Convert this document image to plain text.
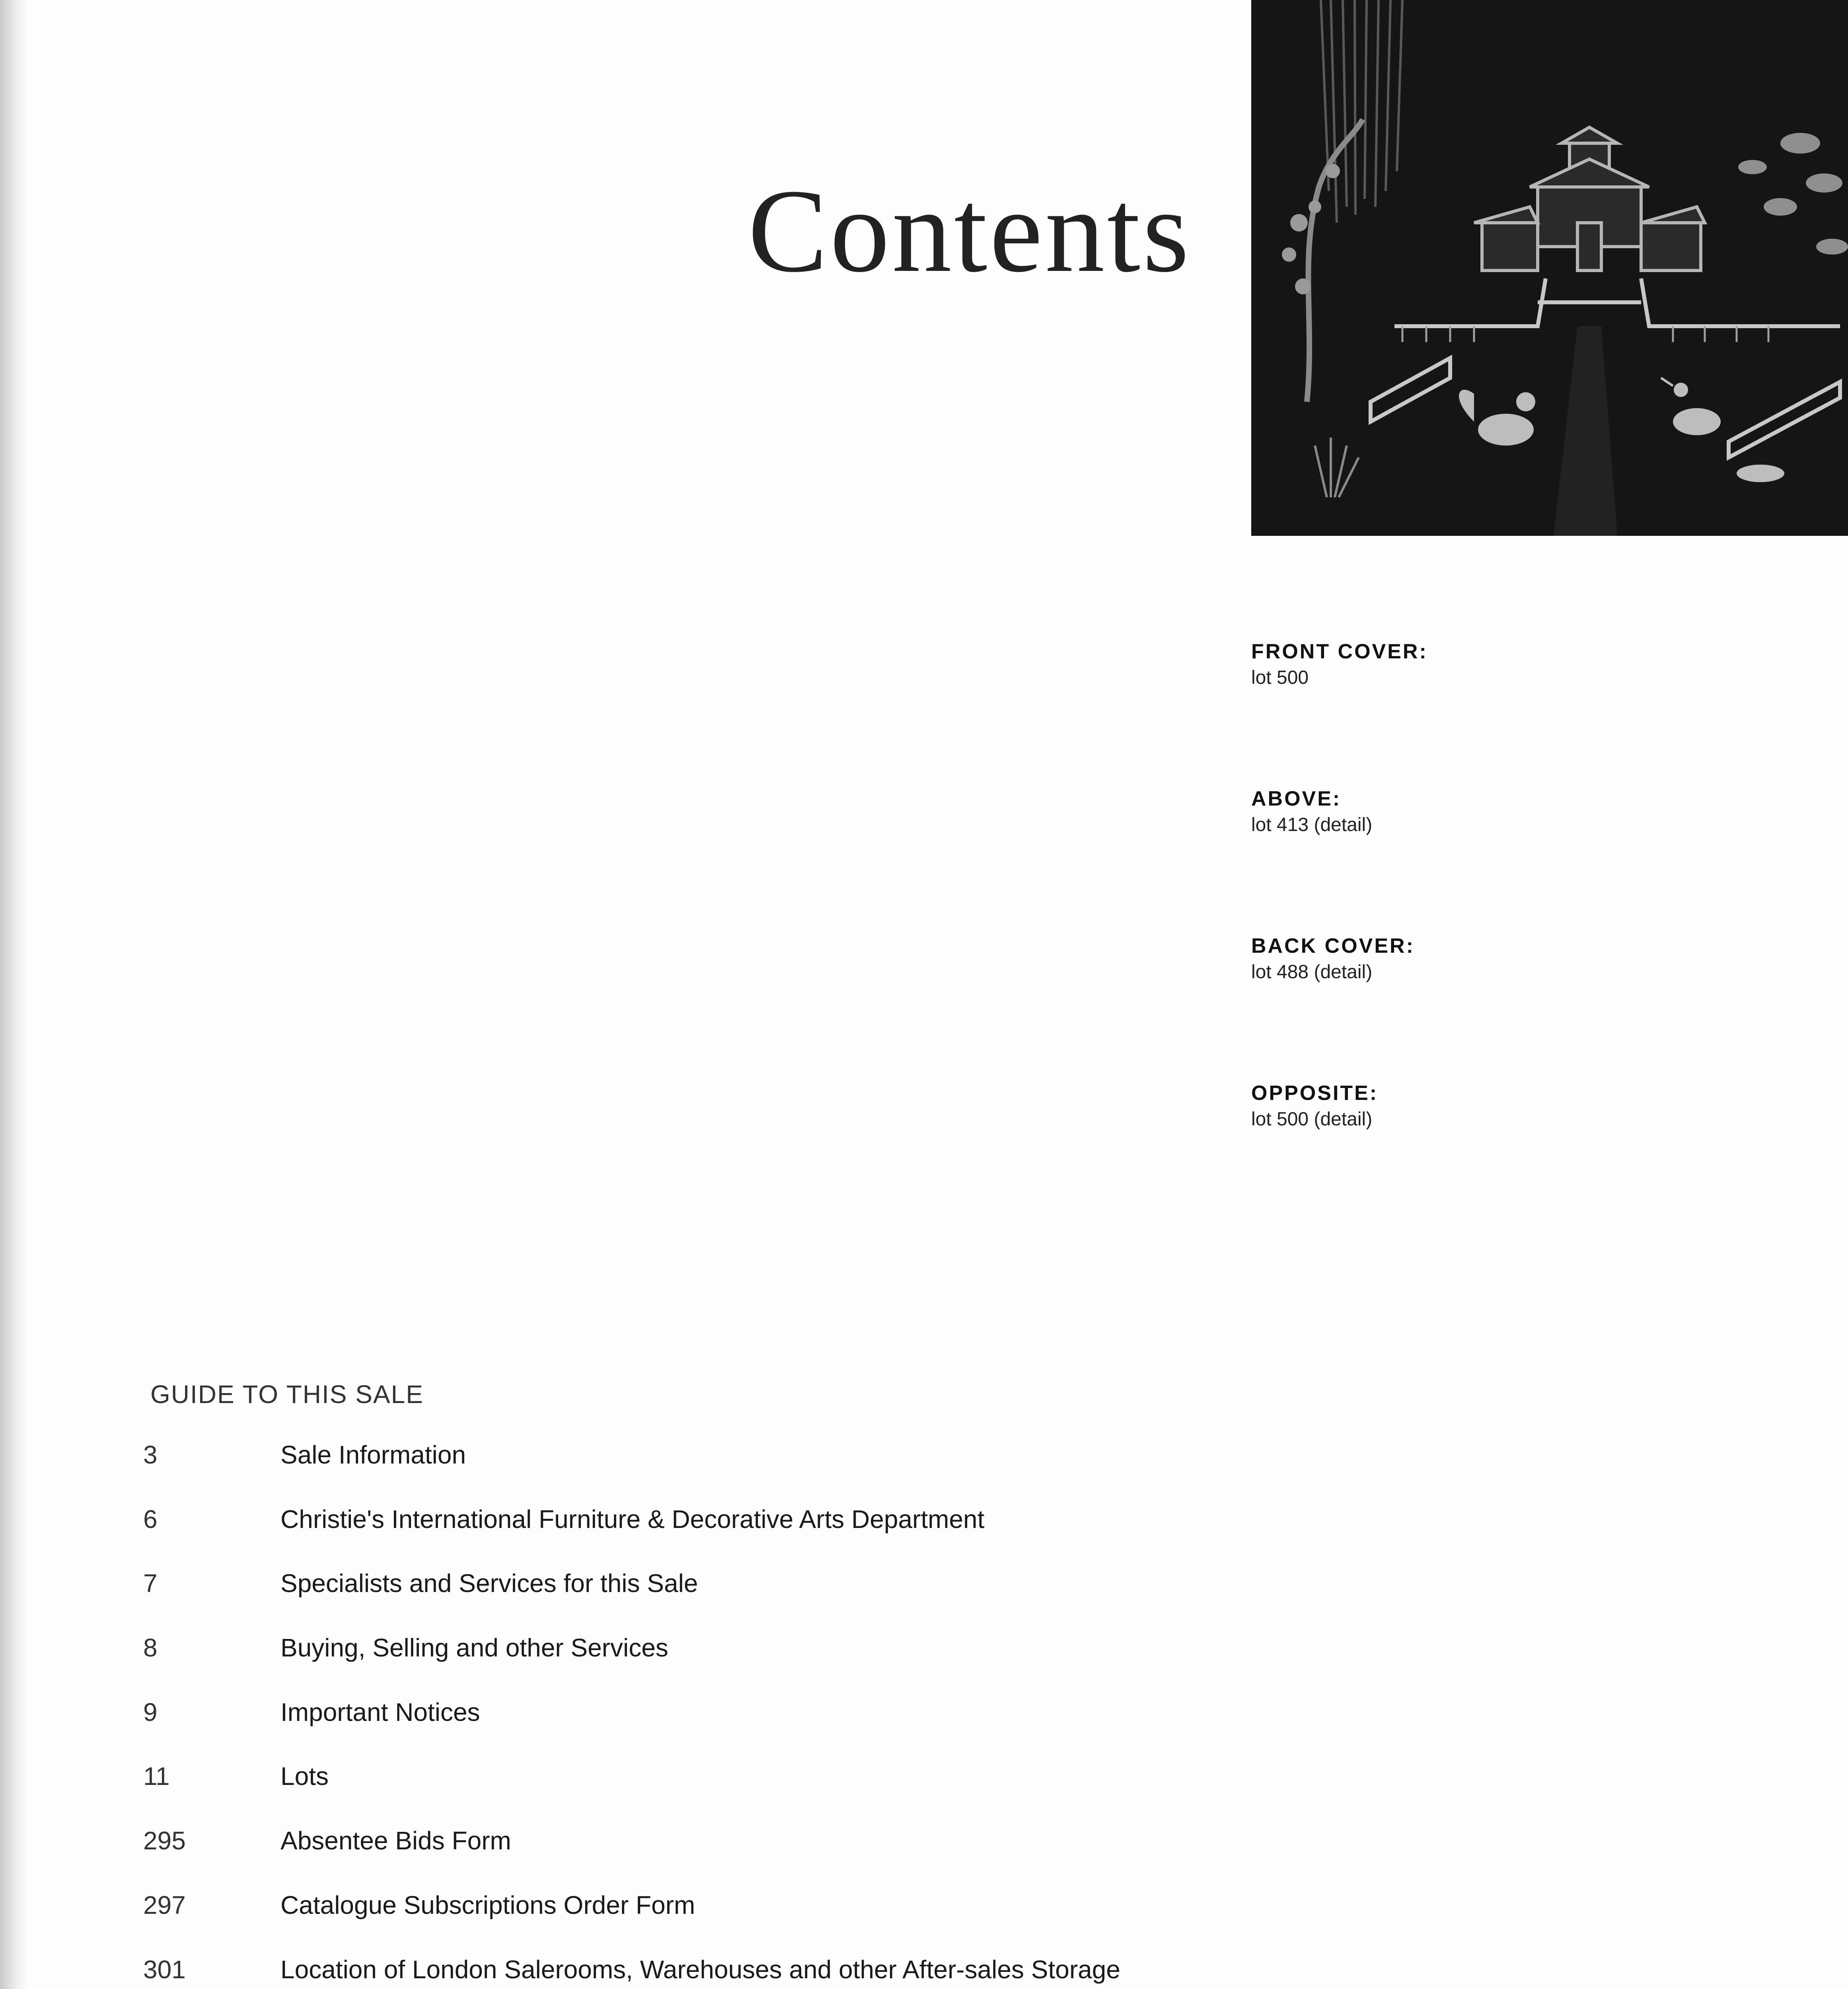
Contents
FRONT COVER:
lot 500
ABOVE:
lot 413 (detail)
BACK COVER:
lot 488 (detail)
OPPOSITE:
lot 500 (detail)
GUIDE TO THIS SALE
3	Sale Information
6	Christie's International Furniture & Decorative Arts Department
7	Specialists and Services for this Sale
8	Buying, Selling and other Services
9	Important Notices
11	Lots
295	Absentee Bids Form
297	Catalogue Subscriptions Order Form
301	Location of London Salerooms, Warehouses and other After-sales Storage
